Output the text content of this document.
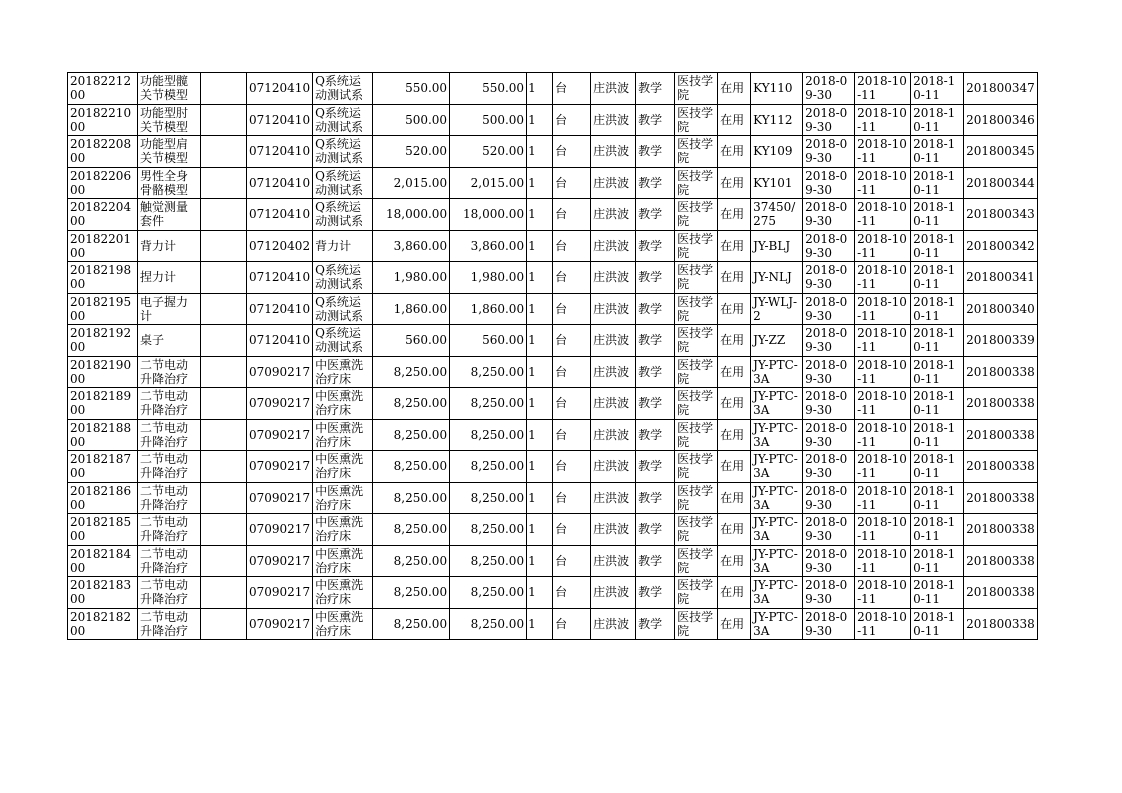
2018221200	功能型髋关节模型		07120410	Q系统运动测试系	550.00	550.00	1	台	庄洪波	教学	医技学院	在用	KY110	2018-09-30	2018-10-11	2018-10-11	201800347
2018221000	功能型肘关节模型		07120410	Q系统运动测试系	500.00	500.00	1	台	庄洪波	教学	医技学院	在用	KY112	2018-09-30	2018-10-11	2018-10-11	201800346
2018220800	功能型肩关节模型		07120410	Q系统运动测试系	520.00	520.00	1	台	庄洪波	教学	医技学院	在用	KY109	2018-09-30	2018-10-11	2018-10-11	201800345
2018220600	男性全身骨骼模型		07120410	Q系统运动测试系	2,015.00	2,015.00	1	台	庄洪波	教学	医技学院	在用	KY101	2018-09-30	2018-10-11	2018-10-11	201800344
2018220400	触觉测量套件		07120410	Q系统运动测试系	18,000.00	18,000.00	1	台	庄洪波	教学	医技学院	在用	37450/275	2018-09-30	2018-10-11	2018-10-11	201800343
2018220100	背力计		07120402	背力计	3,860.00	3,860.00	1	台	庄洪波	教学	医技学院	在用	JY-BLJ	2018-09-30	2018-10-11	2018-10-11	201800342
2018219800	捏力计		07120410	Q系统运动测试系	1,980.00	1,980.00	1	台	庄洪波	教学	医技学院	在用	JY-NLJ	2018-09-30	2018-10-11	2018-10-11	201800341
2018219500	电子握力计		07120410	Q系统运动测试系	1,860.00	1,860.00	1	台	庄洪波	教学	医技学院	在用	JY-WLJ-2	2018-09-30	2018-10-11	2018-10-11	201800340
2018219200	桌子		07120410	Q系统运动测试系	560.00	560.00	1	台	庄洪波	教学	医技学院	在用	JY-ZZ	2018-09-30	2018-10-11	2018-10-11	201800339
2018219000	二节电动升降治疗		07090217	中医熏洗治疗床	8,250.00	8,250.00	1	台	庄洪波	教学	医技学院	在用	JY-PTC-3A	2018-09-30	2018-10-11	2018-10-11	201800338
2018218900	二节电动升降治疗		07090217	中医熏洗治疗床	8,250.00	8,250.00	1	台	庄洪波	教学	医技学院	在用	JY-PTC-3A	2018-09-30	2018-10-11	2018-10-11	201800338
2018218800	二节电动升降治疗		07090217	中医熏洗治疗床	8,250.00	8,250.00	1	台	庄洪波	教学	医技学院	在用	JY-PTC-3A	2018-09-30	2018-10-11	2018-10-11	201800338
2018218700	二节电动升降治疗		07090217	中医熏洗治疗床	8,250.00	8,250.00	1	台	庄洪波	教学	医技学院	在用	JY-PTC-3A	2018-09-30	2018-10-11	2018-10-11	201800338
2018218600	二节电动升降治疗		07090217	中医熏洗治疗床	8,250.00	8,250.00	1	台	庄洪波	教学	医技学院	在用	JY-PTC-3A	2018-09-30	2018-10-11	2018-10-11	201800338
2018218500	二节电动升降治疗		07090217	中医熏洗治疗床	8,250.00	8,250.00	1	台	庄洪波	教学	医技学院	在用	JY-PTC-3A	2018-09-30	2018-10-11	2018-10-11	201800338
2018218400	二节电动升降治疗		07090217	中医熏洗治疗床	8,250.00	8,250.00	1	台	庄洪波	教学	医技学院	在用	JY-PTC-3A	2018-09-30	2018-10-11	2018-10-11	201800338
2018218300	二节电动升降治疗		07090217	中医熏洗治疗床	8,250.00	8,250.00	1	台	庄洪波	教学	医技学院	在用	JY-PTC-3A	2018-09-30	2018-10-11	2018-10-11	201800338
2018218200	二节电动升降治疗		07090217	中医熏洗治疗床	8,250.00	8,250.00	1	台	庄洪波	教学	医技学院	在用	JY-PTC-3A	2018-09-30	2018-10-11	2018-10-11	201800338
